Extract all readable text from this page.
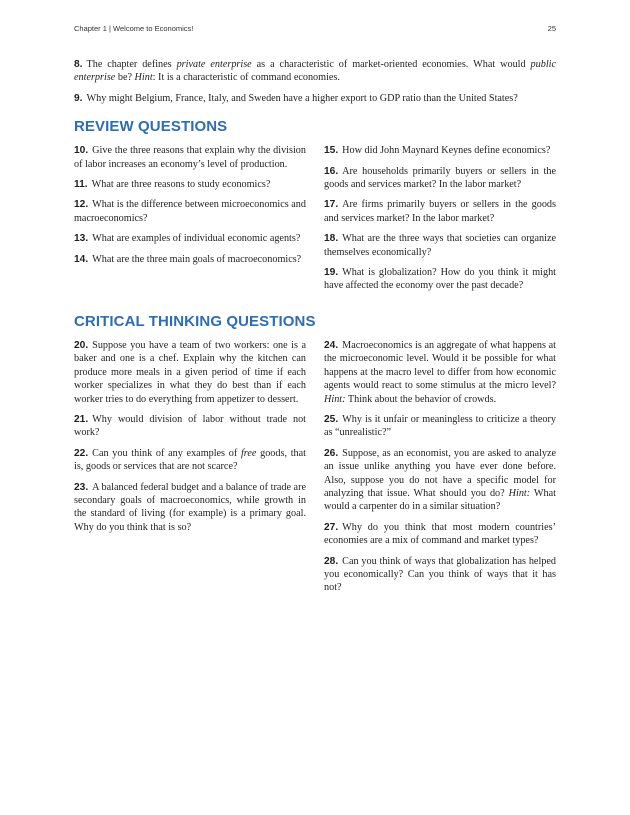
Chapter 1 | Welcome to Economics!	25

8. The chapter defines private enterprise as a characteristic of market-oriented economies. What would public enterprise be? Hint: It is a characteristic of command economies.

9. Why might Belgium, France, Italy, and Sweden have a higher export to GDP ratio than the United States?

REVIEW QUESTIONS

10. Give the three reasons that explain why the division of labor increases an economy’s level of production.

11. What are three reasons to study economics?

12. What is the difference between microeconomics and macroeconomics?

13. What are examples of individual economic agents?

14. What are the three main goals of macroeconomics?

15. How did John Maynard Keynes define economics?

16. Are households primarily buyers or sellers in the goods and services market? In the labor market?

17. Are firms primarily buyers or sellers in the goods and services market? In the labor market?

18. What are the three ways that societies can organize themselves economically?

19. What is globalization? How do you think it might have affected the economy over the past decade?

CRITICAL THINKING QUESTIONS

20. Suppose you have a team of two workers: one is a baker and one is a chef. Explain why the kitchen can produce more meals in a given period of time if each worker specializes in what they do best than if each worker tries to do everything from appetizer to dessert.

21. Why would division of labor without trade not work?

22. Can you think of any examples of free goods, that is, goods or services that are not scarce?

23. A balanced federal budget and a balance of trade are secondary goals of macroeconomics, while growth in the standard of living (for example) is a primary goal. Why do you think that is so?

24. Macroeconomics is an aggregate of what happens at the microeconomic level. Would it be possible for what happens at the macro level to differ from how economic agents would react to some stimulus at the micro level? Hint: Think about the behavior of crowds.

25. Why is it unfair or meaningless to criticize a theory as “unrealistic?”

26. Suppose, as an economist, you are asked to analyze an issue unlike anything you have ever done before. Also, suppose you do not have a specific model for analyzing that issue. What should you do? Hint: What would a carpenter do in a similar situation?

27. Why do you think that most modern countries’ economies are a mix of command and market types?

28. Can you think of ways that globalization has helped you economically? Can you think of ways that it has not?
